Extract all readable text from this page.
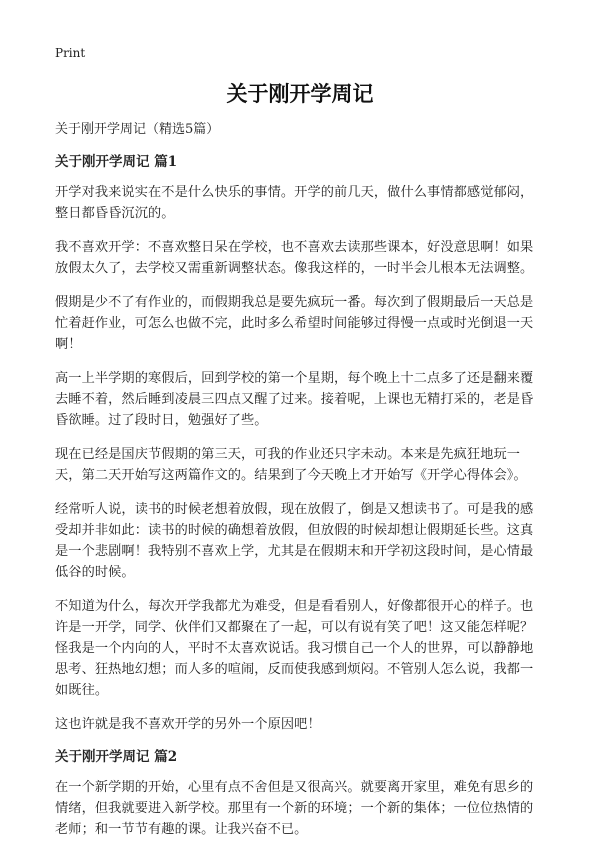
Print
关于刚开学周记

关于刚开学周记（精选5篇）

关于刚开学周记 篇1

开学对我来说实在不是什么快乐的事情。开学的前几天，做什么事情都感觉郁闷，整日都昏昏沉沉的。

我不喜欢开学：不喜欢整日呆在学校，也不喜欢去读那些课本，好没意思啊！如果放假太久了，去学校又需重新调整状态。像我这样的，一时半会儿根本无法调整。

假期是少不了有作业的，而假期我总是要先疯玩一番。每次到了假期最后一天总是忙着赶作业，可怎么也做不完，此时多么希望时间能够过得慢一点或时光倒退一天啊！

高一上半学期的寒假后，回到学校的第一个星期，每个晚上十二点多了还是翻来覆去睡不着，然后睡到凌晨三四点又醒了过来。接着呢，上课也无精打采的，老是昏昏欲睡。过了段时日，勉强好了些。

现在已经是国庆节假期的第三天，可我的作业还只字未动。本来是先疯狂地玩一天，第二天开始写这两篇作文的。结果到了今天晚上才开始写《开学心得体会》。

经常听人说，读书的时候老想着放假，现在放假了，倒是又想读书了。可是我的感受却并非如此：读书的时候的确想着放假，但放假的时候却想让假期延长些。这真是一个悲剧啊！我特别不喜欢上学，尤其是在假期末和开学初这段时间，是心情最低谷的时候。

不知道为什么，每次开学我都尤为难受，但是看看别人，好像都很开心的样子。也许是一开学，同学、伙伴们又都聚在了一起，可以有说有笑了吧！这又能怎样呢？怪我是一个内向的人，平时不太喜欢说话。我习惯自己一个人的世界，可以静静地思考、狂热地幻想；而人多的喧闹，反而使我感到烦闷。不管别人怎么说，我都一如既往。

这也许就是我不喜欢开学的另外一个原因吧！

关于刚开学周记 篇2

在一个新学期的开始，心里有点不舍但是又很高兴。就要离开家里，难免有思乡的情绪，但我就要进入新学校。那里有一个新的环境；一个新的集体；一位位热情的老师；和一节节有趣的课。让我兴奋不已。
